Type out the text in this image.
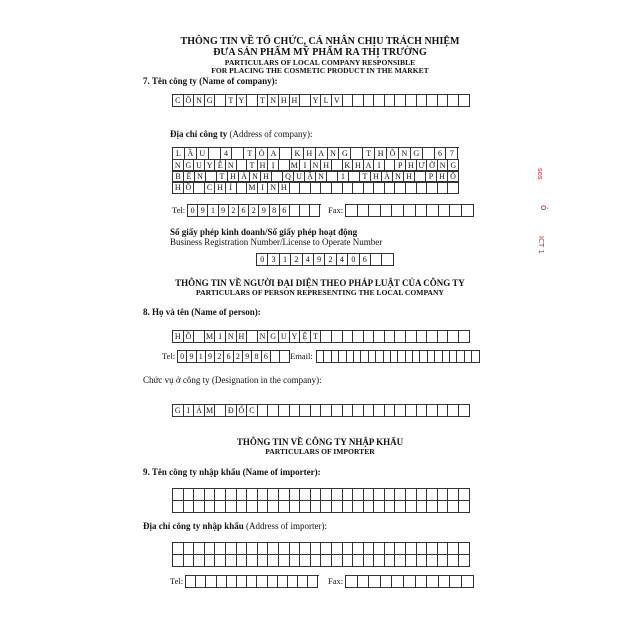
THÔNG TIN VỀ TỔ CHỨC, CÁ NHÂN CHỊU TRÁCH NHIỆM
ĐƯA SẢN PHẨM MỸ PHẨM RA THỊ TRƯỜNG
PARTICULARS OF LOCAL COMPANY RESPONSIBLE
FOR PLACING THE COSMETIC PRODUCT IN THE MARKET
7. Tên công ty (Name of company):
C Ô N G	T Y	T N H H	Y L V
Địa chỉ công ty (Address of company):
L Ầ U	4	T Ò A	K H A N G	T H Ô N G	6 7
N G U Y Ễ N	T H Ị	M I N H	K H A I	P H Ư Ờ N G
B Ế N	T H À N H	Q U Ậ N	1	T H À N H	P H Ố
H Ồ	C H Í	M I N H
Tel: 0 9 1 9 2 6 2 9 8 6	Fax:
Số giấy phép kinh doanh/Số giấy phép hoạt động
Business Registration Number/License to Operate Number
0 3 1 2 4 9 2 4 0 6
THÔNG TIN VỀ NGƯỜI ĐẠI DIỆN THEO PHÁP LUẬT CỦA CÔNG TY
PARTICULARS OF PERSON REPRESENTING THE LOCAL COMPANY
8. Họ và tên (Name of person):
H Ồ	M I N H	N G U Y Ệ T
Tel: 0 9 1 9 2 6 2 9 8 6	Email:
Chức vụ ở công ty (Designation in the company):
G I Á M Đ Ố C
THÔNG TIN VỀ CÔNG TY NHẬP KHẨU
PARTICULARS OF IMPORTER
9. Tên công ty nhập khẩu (Name of importer):
Địa chỉ công ty nhập khẩu (Address of importer):
Tel:	Fax:
sos
ó
ICT 1
